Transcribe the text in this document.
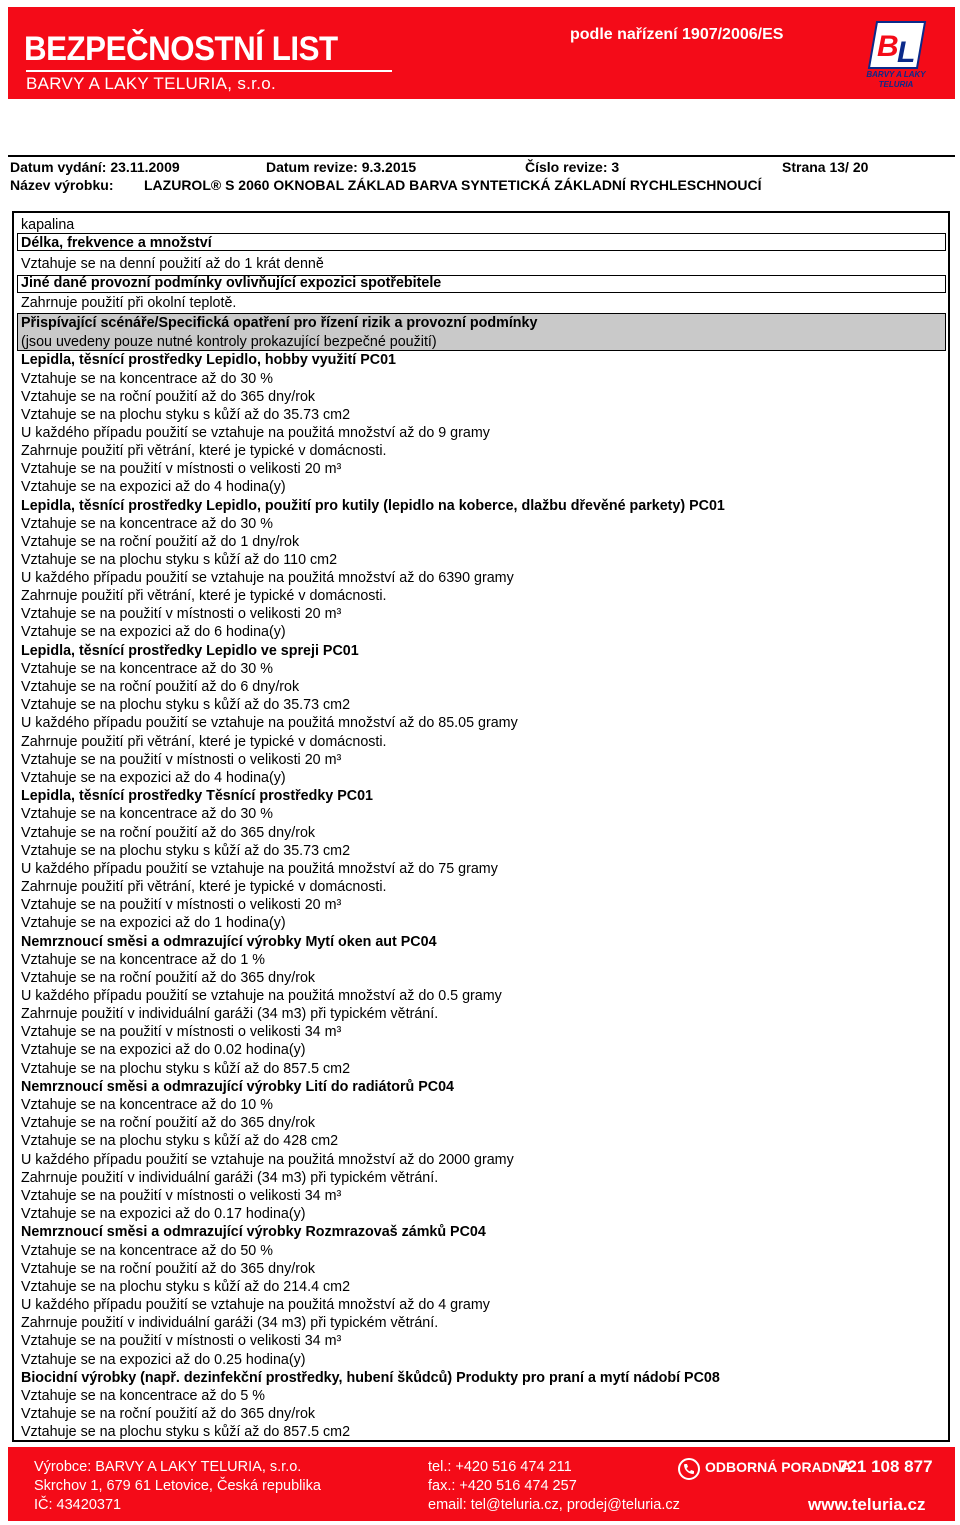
BEZPEČNOSTNÍ LIST
BARVY A LAKY TELURIA, s.r.o.
podle nařízení 1907/2006/ES	B
L
BARVY A LAKY
TELURIA
Datum vydání: 23.11.2009	Datum revize: 9.3.2015	Číslo revize: 3	Strana 13/ 20
Název výrobku: LAZUROL® S 2060 OKNOBAL ZÁKLAD BARVA SYNTETICKÁ ZÁKLADNÍ RYCHLESCHNOUCÍ
kapalina
Délka, frekvence a množství
Vztahuje se na denní použití až do 1 krát denně
Jiné dané provozní podmínky ovlivňující expozici spotřebitele
Zahrnuje použití při okolní teplotě.
Přispívající scénáře/Specifická opatření pro řízení rizik a provozní podmínky
(jsou uvedeny pouze nutné kontroly prokazující bezpečné použití)
Lepidla, těsnící prostředky Lepidlo, hobby využití PC01
Vztahuje se na koncentrace až do 30 %
Vztahuje se na roční použití až do 365 dny/rok
Vztahuje se na plochu styku s kůží až do 35.73 cm2
U každého případu použití se vztahuje na použitá množství až do 9 gramy
Zahrnuje použití při větrání, které je typické v domácnosti.
Vztahuje se na použití v místnosti o velikosti 20 m³
Vztahuje se na expozici až do 4 hodina(y)
Lepidla, těsnící prostředky Lepidlo, použití pro kutily (lepidlo na koberce, dlažbu dřevěné parkety) PC01
Vztahuje se na koncentrace až do 30 %
Vztahuje se na roční použití až do 1 dny/rok
Vztahuje se na plochu styku s kůží až do 110 cm2
U každého případu použití se vztahuje na použitá množství až do 6390 gramy
Zahrnuje použití při větrání, které je typické v domácnosti.
Vztahuje se na použití v místnosti o velikosti 20 m³
Vztahuje se na expozici až do 6 hodina(y)
Lepidla, těsnící prostředky Lepidlo ve spreji PC01
Vztahuje se na koncentrace až do 30 %
Vztahuje se na roční použití až do 6 dny/rok
Vztahuje se na plochu styku s kůží až do 35.73 cm2
U každého případu použití se vztahuje na použitá množství až do 85.05 gramy
Zahrnuje použití při větrání, které je typické v domácnosti.
Vztahuje se na použití v místnosti o velikosti 20 m³
Vztahuje se na expozici až do 4 hodina(y)
Lepidla, těsnící prostředky Těsnící prostředky PC01
Vztahuje se na koncentrace až do 30 %
Vztahuje se na roční použití až do 365 dny/rok
Vztahuje se na plochu styku s kůží až do 35.73 cm2
U každého případu použití se vztahuje na použitá množství až do 75 gramy
Zahrnuje použití při větrání, které je typické v domácnosti.
Vztahuje se na použití v místnosti o velikosti 20 m³
Vztahuje se na expozici až do 1 hodina(y)
Nemrznoucí směsi a odmrazující výrobky Mytí oken aut PC04
Vztahuje se na koncentrace až do 1 %
Vztahuje se na roční použití až do 365 dny/rok
U každého případu použití se vztahuje na použitá množství až do 0.5 gramy
Zahrnuje použití v individuální garáži (34 m3) při typickém větrání.
Vztahuje se na použití v místnosti o velikosti 34 m³
Vztahuje se na expozici až do 0.02 hodina(y)
Vztahuje se na plochu styku s kůží až do 857.5 cm2
Nemrznoucí směsi a odmrazující výrobky Lití do radiátorů PC04
Vztahuje se na koncentrace až do 10 %
Vztahuje se na roční použití až do 365 dny/rok
Vztahuje se na plochu styku s kůží až do 428 cm2
U každého případu použití se vztahuje na použitá množství až do 2000 gramy
Zahrnuje použití v individuální garáži (34 m3) při typickém větrání.
Vztahuje se na použití v místnosti o velikosti 34 m³
Vztahuje se na expozici až do 0.17 hodina(y)
Nemrznoucí směsi a odmrazující výrobky Rozmrazovaš zámků PC04
Vztahuje se na koncentrace až do 50 %
Vztahuje se na roční použití až do 365 dny/rok
Vztahuje se na plochu styku s kůží až do 214.4 cm2
U každého případu použití se vztahuje na použitá množství až do 4 gramy
Zahrnuje použití v individuální garáži (34 m3) při typickém větrání.
Vztahuje se na použití v místnosti o velikosti 34 m³
Vztahuje se na expozici až do 0.25 hodina(y)
Biocidní výrobky (např. dezinfekční prostředky, hubení škůdců) Produkty pro praní a mytí nádobí PC08
Vztahuje se na koncentrace až do 5 %
Vztahuje se na roční použití až do 365 dny/rok
Vztahuje se na plochu styku s kůží až do 857.5 cm2
Výrobce: BARVY A LAKY TELURIA, s.r.o.
Skrchov 1, 679 61 Letovice, Česká republika
IČ: 43420371
tel.: +420 516 474 211
fax.: +420 516 474 257
email: tel@teluria.cz, prodej@teluria.cz
ODBORNÁ PORADNA
721 108 877
www.teluria.cz
